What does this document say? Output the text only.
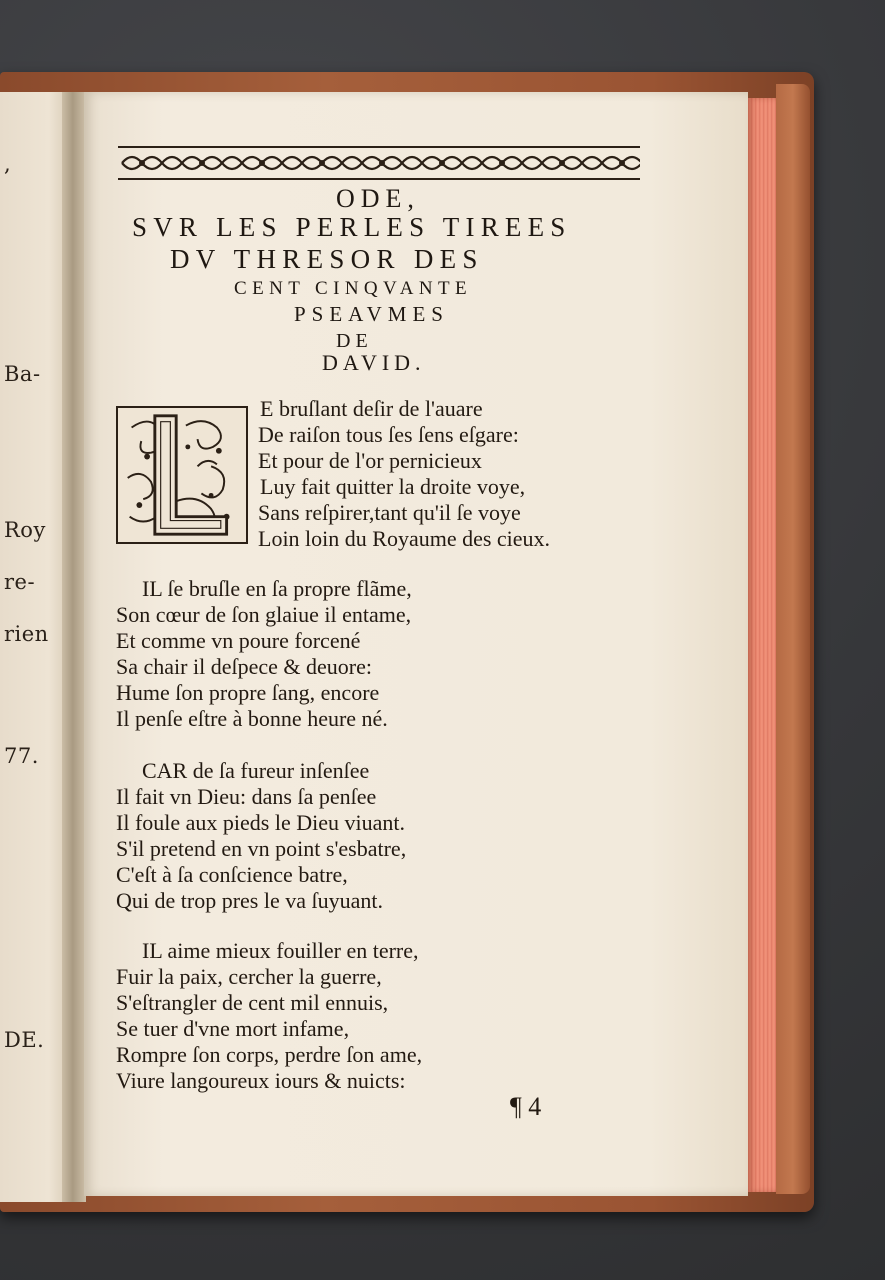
,
Ba-
Roy
re-
rien
77.
DE.
ODE,
SVR LES PERLES TIREES
DV THRESOR DES
CENT CINQVANTE
PSEAVMES
DE
DAVID.
E bruſlant deſir de l'auare
De raiſon tous ſes ſens eſgare:
Et pour de l'or pernicieux
Luy fait quitter la droite voye,
Sans reſpirer,tant qu'il ſe voye
Loin loin du Royaume des cieux.
IL ſe bruſle en ſa propre flãme,
Son cœur de ſon glaiue il entame,
Et comme vn poure forcené
Sa chair il deſpece & deuore:
Hume ſon propre ſang, encore
Il penſe eſtre à bonne heure né.
CAR de ſa fureur inſenſee
Il fait vn Dieu: dans ſa penſee
Il foule aux pieds le Dieu viuant.
S'il pretend en vn point s'esbatre,
C'eſt à ſa conſcience batre,
Qui de trop pres le va ſuyuant.
IL aime mieux fouiller en terre,
Fuir la paix, cercher la guerre,
S'eſtrangler de cent mil ennuis,
Se tuer d'vne mort infame,
Rompre ſon corps, perdre ſon ame,
Viure langoureux iours & nuicts:
¶ 4
